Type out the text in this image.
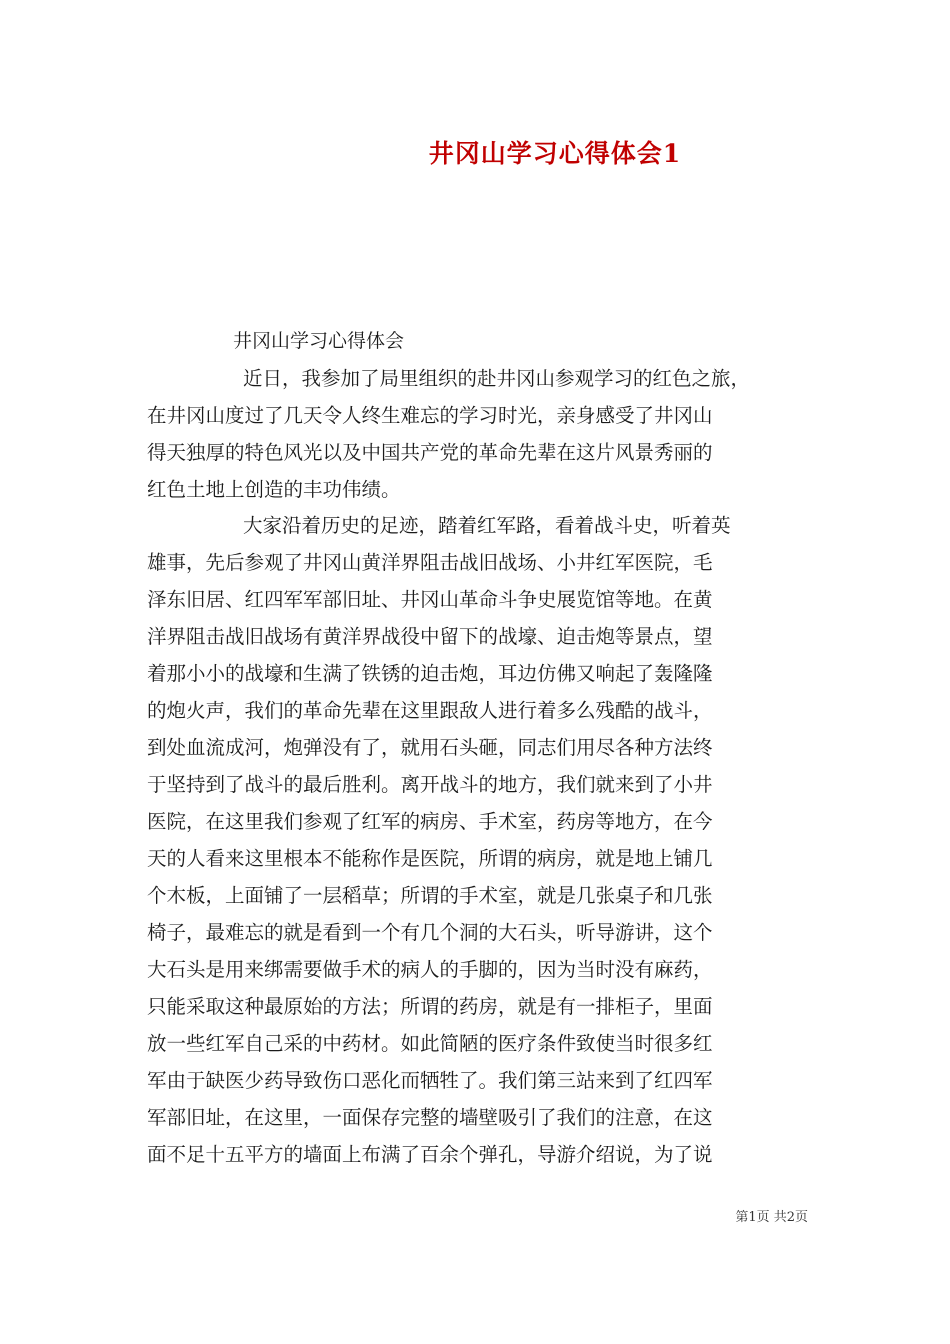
井冈山学习心得体会1
井冈山学习心得体会
近日，我参加了局里组织的赴井冈山参观学习的红色之旅，
在井冈山度过了几天令人终生难忘的学习时光，亲身感受了井冈山
得天独厚的特色风光以及中国共产党的革命先辈在这片风景秀丽的
红色土地上创造的丰功伟绩。
大家沿着历史的足迹，踏着红军路，看着战斗史，听着英
雄事，先后参观了井冈山黄洋界阻击战旧战场、小井红军医院，毛
泽东旧居、红四军军部旧址、井冈山革命斗争史展览馆等地。在黄
洋界阻击战旧战场有黄洋界战役中留下的战壕、迫击炮等景点，望
着那小小的战壕和生满了铁锈的迫击炮，耳边仿佛又响起了轰隆隆
的炮火声，我们的革命先辈在这里跟敌人进行着多么残酷的战斗，
到处血流成河，炮弹没有了，就用石头砸，同志们用尽各种方法终
于坚持到了战斗的最后胜利。离开战斗的地方，我们就来到了小井
医院，在这里我们参观了红军的病房、手术室，药房等地方，在今
天的人看来这里根本不能称作是医院，所谓的病房，就是地上铺几
个木板，上面铺了一层稻草；所谓的手术室，就是几张桌子和几张
椅子，最难忘的就是看到一个有几个洞的大石头，听导游讲，这个
大石头是用来绑需要做手术的病人的手脚的，因为当时没有麻药，
只能采取这种最原始的方法；所谓的药房，就是有一排柜子，里面
放一些红军自己采的中药材。如此简陋的医疗条件致使当时很多红
军由于缺医少药导致伤口恶化而牺牲了。我们第三站来到了红四军
军部旧址，在这里，一面保存完整的墙壁吸引了我们的注意，在这
面不足十五平方的墙面上布满了百余个弹孔，导游介绍说，为了说
第1页 共2页
